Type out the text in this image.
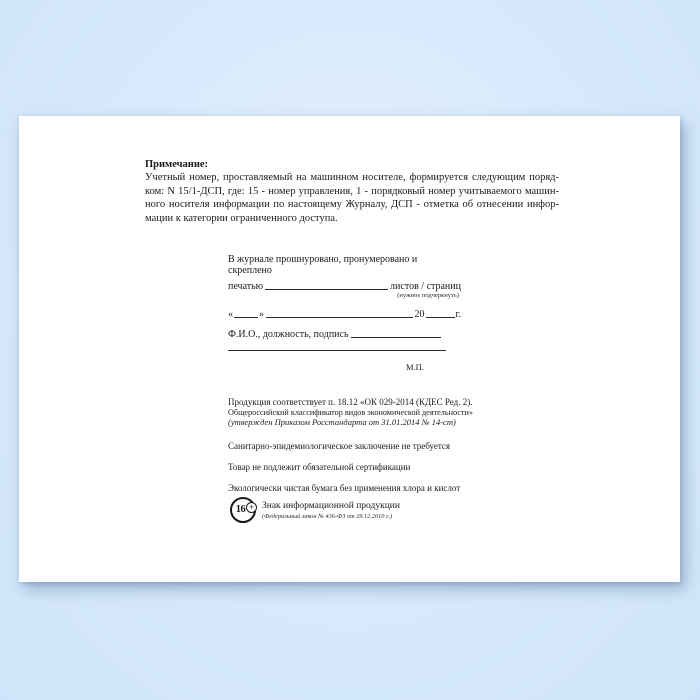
Примечание:
Учетный номер, проставляемый на машинном носителе, формируется следующим поряд-
ком: N 15/1-ДСП, где: 15 - номер управления, 1 - порядковый номер учитываемого машин-
ного носителя информации по настоящему Журналу, ДСП - отметка об отнесении инфор-
мации к категории ограниченного доступа.
В журнале прошнуровано, пронумеровано и скреплено
печатью	листов / страниц
(нужное подчеркнуть)
«	»	20	г.
Ф.И.О., должность, подпись
М.П.
Продукция соответствует п. 18.12 «ОК 029-2014 (КДЕС Ред. 2).
Общероссийский классификатор видов экономической деятельности»
(утвержден Приказом Росстандарта от 31.01.2014 № 14-ст)
Санитарно-эпидемиологическое заключение не требуется
Товар не подлежит обязательной сертификации
Экологически чистая бумага без применения хлора и кислот
16 + Знак информационной продукции
(Федеральный закон № 436-ФЗ от 29.12.2010 г.)
